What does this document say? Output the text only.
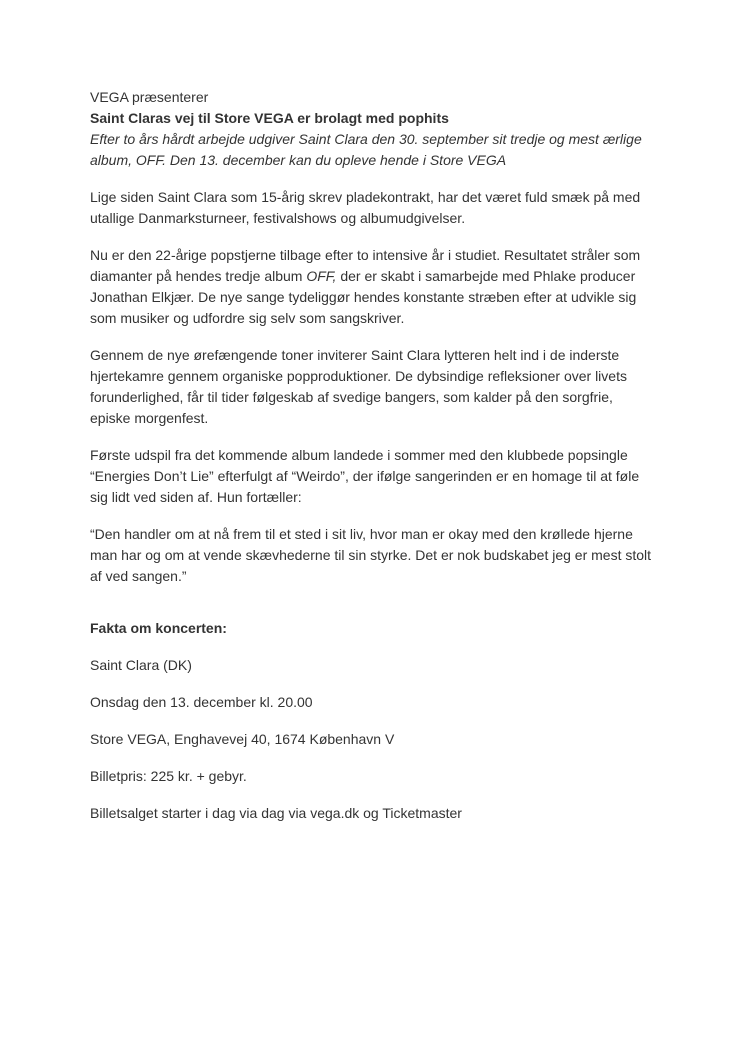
VEGA præsenterer

Saint Claras vej til Store VEGA er brolagt med pophits

Efter to års hårdt arbejde udgiver Saint Clara den 30. september sit tredje og mest ærlige album, OFF. Den 13. december kan du opleve hende i Store VEGA

Lige siden Saint Clara som 15-årig skrev pladekontrakt, har det været fuld smæk på med utallige Danmarksturneer, festivalshows og albumudgivelser.

Nu er den 22-årige popstjerne tilbage efter to intensive år i studiet. Resultatet stråler som diamanter på hendes tredje album OFF, der er skabt i samarbejde med Phlake producer Jonathan Elkjær. De nye sange tydeliggør hendes konstante stræben efter at udvikle sig som musiker og udfordre sig selv som sangskriver.

Gennem de nye ørefængende toner inviterer Saint Clara lytteren helt ind i de inderste hjertekamre gennem organiske popproduktioner. De dybsindige refleksioner over livets forunderlighed, får til tider følgeskab af svedige bangers, som kalder på den sorgfrie, episke morgenfest.

Første udspil fra det kommende album landede i sommer med den klubbede popsingle “Energies Don’t Lie” efterfulgt af “Weirdo”, der ifølge sangerinden er en homage til at føle sig lidt ved siden af. Hun fortæller:

“Den handler om at nå frem til et sted i sit liv, hvor man er okay med den krøllede hjerne man har og om at vende skævhederne til sin styrke. Det er nok budskabet jeg er mest stolt af ved sangen.”

Fakta om koncerten:

Saint Clara (DK)

Onsdag den 13. december kl. 20.00

Store VEGA, Enghavevej 40, 1674 København V

Billetpris: 225 kr. + gebyr.

Billetsalget starter i dag via dag via vega.dk og Ticketmaster
